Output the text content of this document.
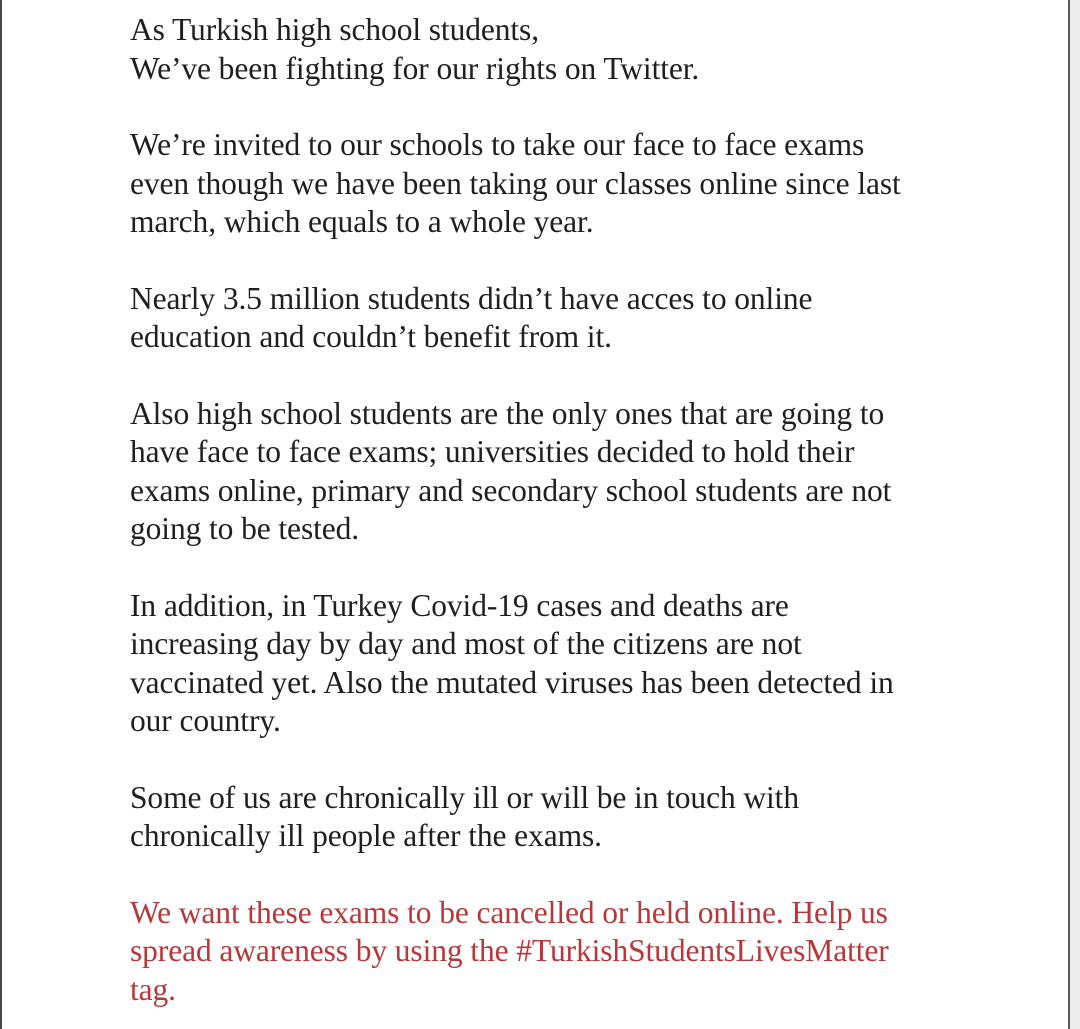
As Turkish high school students,
We’ve been fighting for our rights on Twitter.

We’re invited to our schools to take our face to face exams
even though we have been taking our classes online since last
march, which equals to a whole year.

Nearly 3.5 million students didn’t have acces to online
education and couldn’t benefit from it.

Also high school students are the only ones that are going to
have face to face exams; universities decided to hold their
exams online, primary and secondary school students are not
going to be tested.

In addition, in Turkey Covid-19 cases and deaths are
increasing day by day and most of the citizens are not
vaccinated yet. Also the mutated viruses has been detected in
our country.

Some of us are chronically ill or will be in touch with
chronically ill people after the exams.

We want these exams to be cancelled or held online. Help us
spread awareness by using the #TurkishStudentsLivesMatter
tag.
